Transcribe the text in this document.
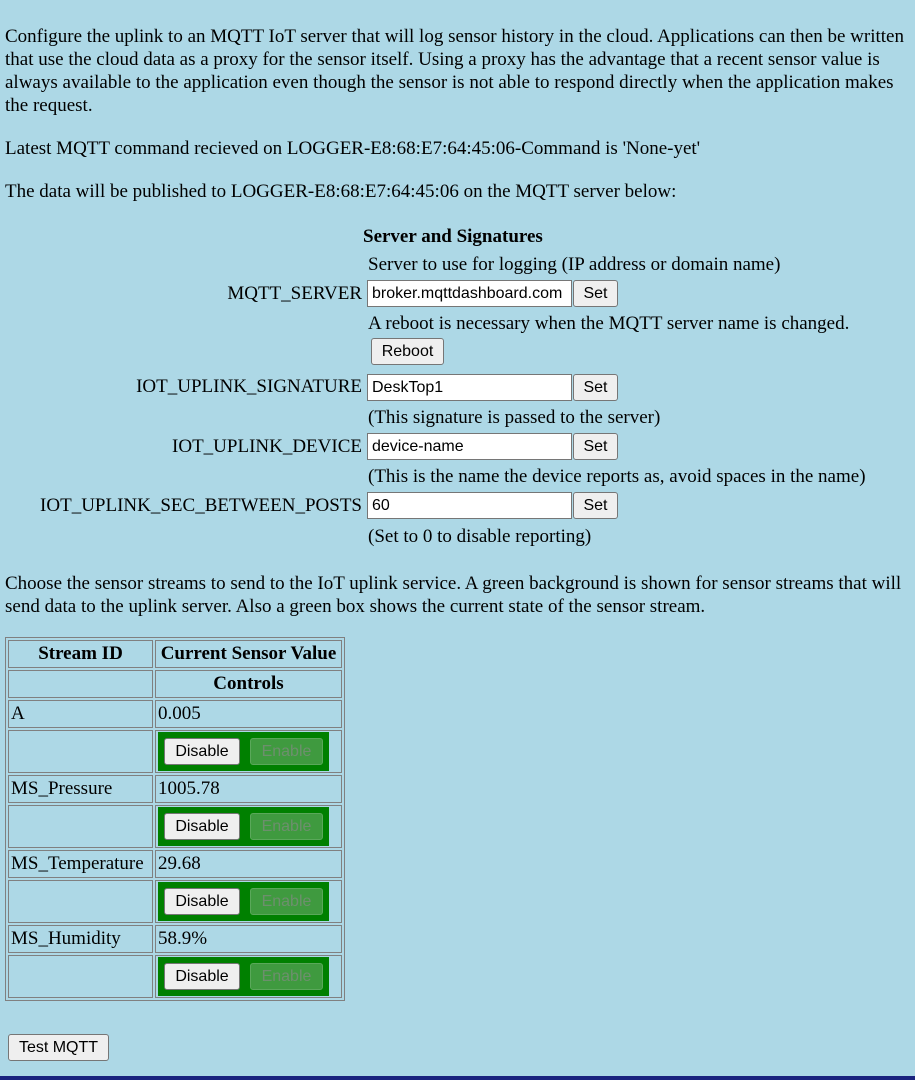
Configure the uplink to an MQTT IoT server that will log sensor history in the cloud. Applications can then be written that use the cloud data as a proxy for the sensor itself. Using a proxy has the advantage that a recent sensor value is always available to the application even though the sensor is not able to respond directly when the application makes the request.

Latest MQTT command recieved on LOGGER-E8:68:E7:64:45:06-Command is 'None-yet'

The data will be published to LOGGER-E8:68:E7:64:45:06 on the MQTT server below:

Server and Signatures
Server to use for logging (IP address or domain name)
MQTT_SERVER
broker.mqttdashboard.com	Set
A reboot is necessary when the MQTT server name is changed.
Reboot
IOT_UPLINK_SIGNATURE
DeskTop1	Set
(This signature is passed to the server)
IOT_UPLINK_DEVICE
device-name	Set
(This is the name the device reports as, avoid spaces in the name)
IOT_UPLINK_SEC_BETWEEN_POSTS
60	Set
(Set to 0 to disable reporting)

Choose the sensor streams to send to the IoT uplink service. A green background is shown for sensor streams that will send data to the uplink server. Also a green box shows the current state of the sensor stream.

Stream ID	Current Sensor Value
	Controls
A	0.005

	Disable Enable

MS_Pressure	1005.78

	Disable Enable

MS_Temperature	29.68

	Disable Enable

MS_Humidity	58.9%

	Disable Enable
Test MQTT
